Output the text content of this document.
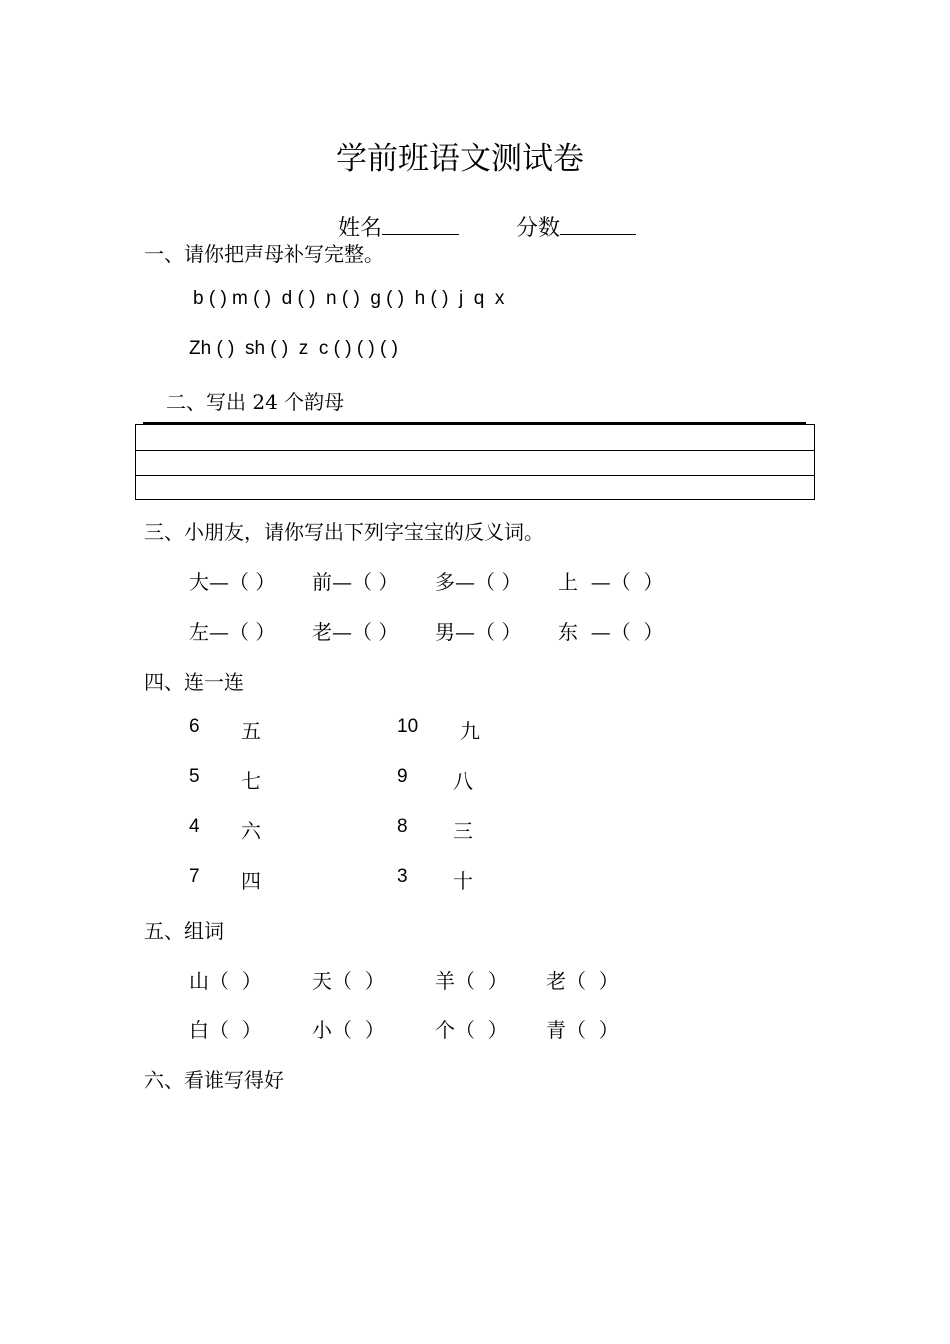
学前班语文测试卷

姓名	分数

一、请你把声母补写完整。
b ( ) m ( )  d ( )  n ( )  g ( )  h ( )  j  q  x
Zh ( )  sh ( )  z  c ( ) ( ) ( )
二、写出 24 个韵母
三、小朋友，请你写出下列字宝宝的反义词。
大—（ ） 前—（ ） 多—（ ） 上  —（  ）
左—（ ） 老—（ ） 男—（ ） 东  —（  ）
四、连一连
6 五	10 九
5 七	9 八
4 六	8 三
7 四	3 十
五、组词
山（  ）	天（  ）	羊（  ） 老（  ）
白（  ）	小（  ）	个（  ） 青（  ）
六、看谁写得好
